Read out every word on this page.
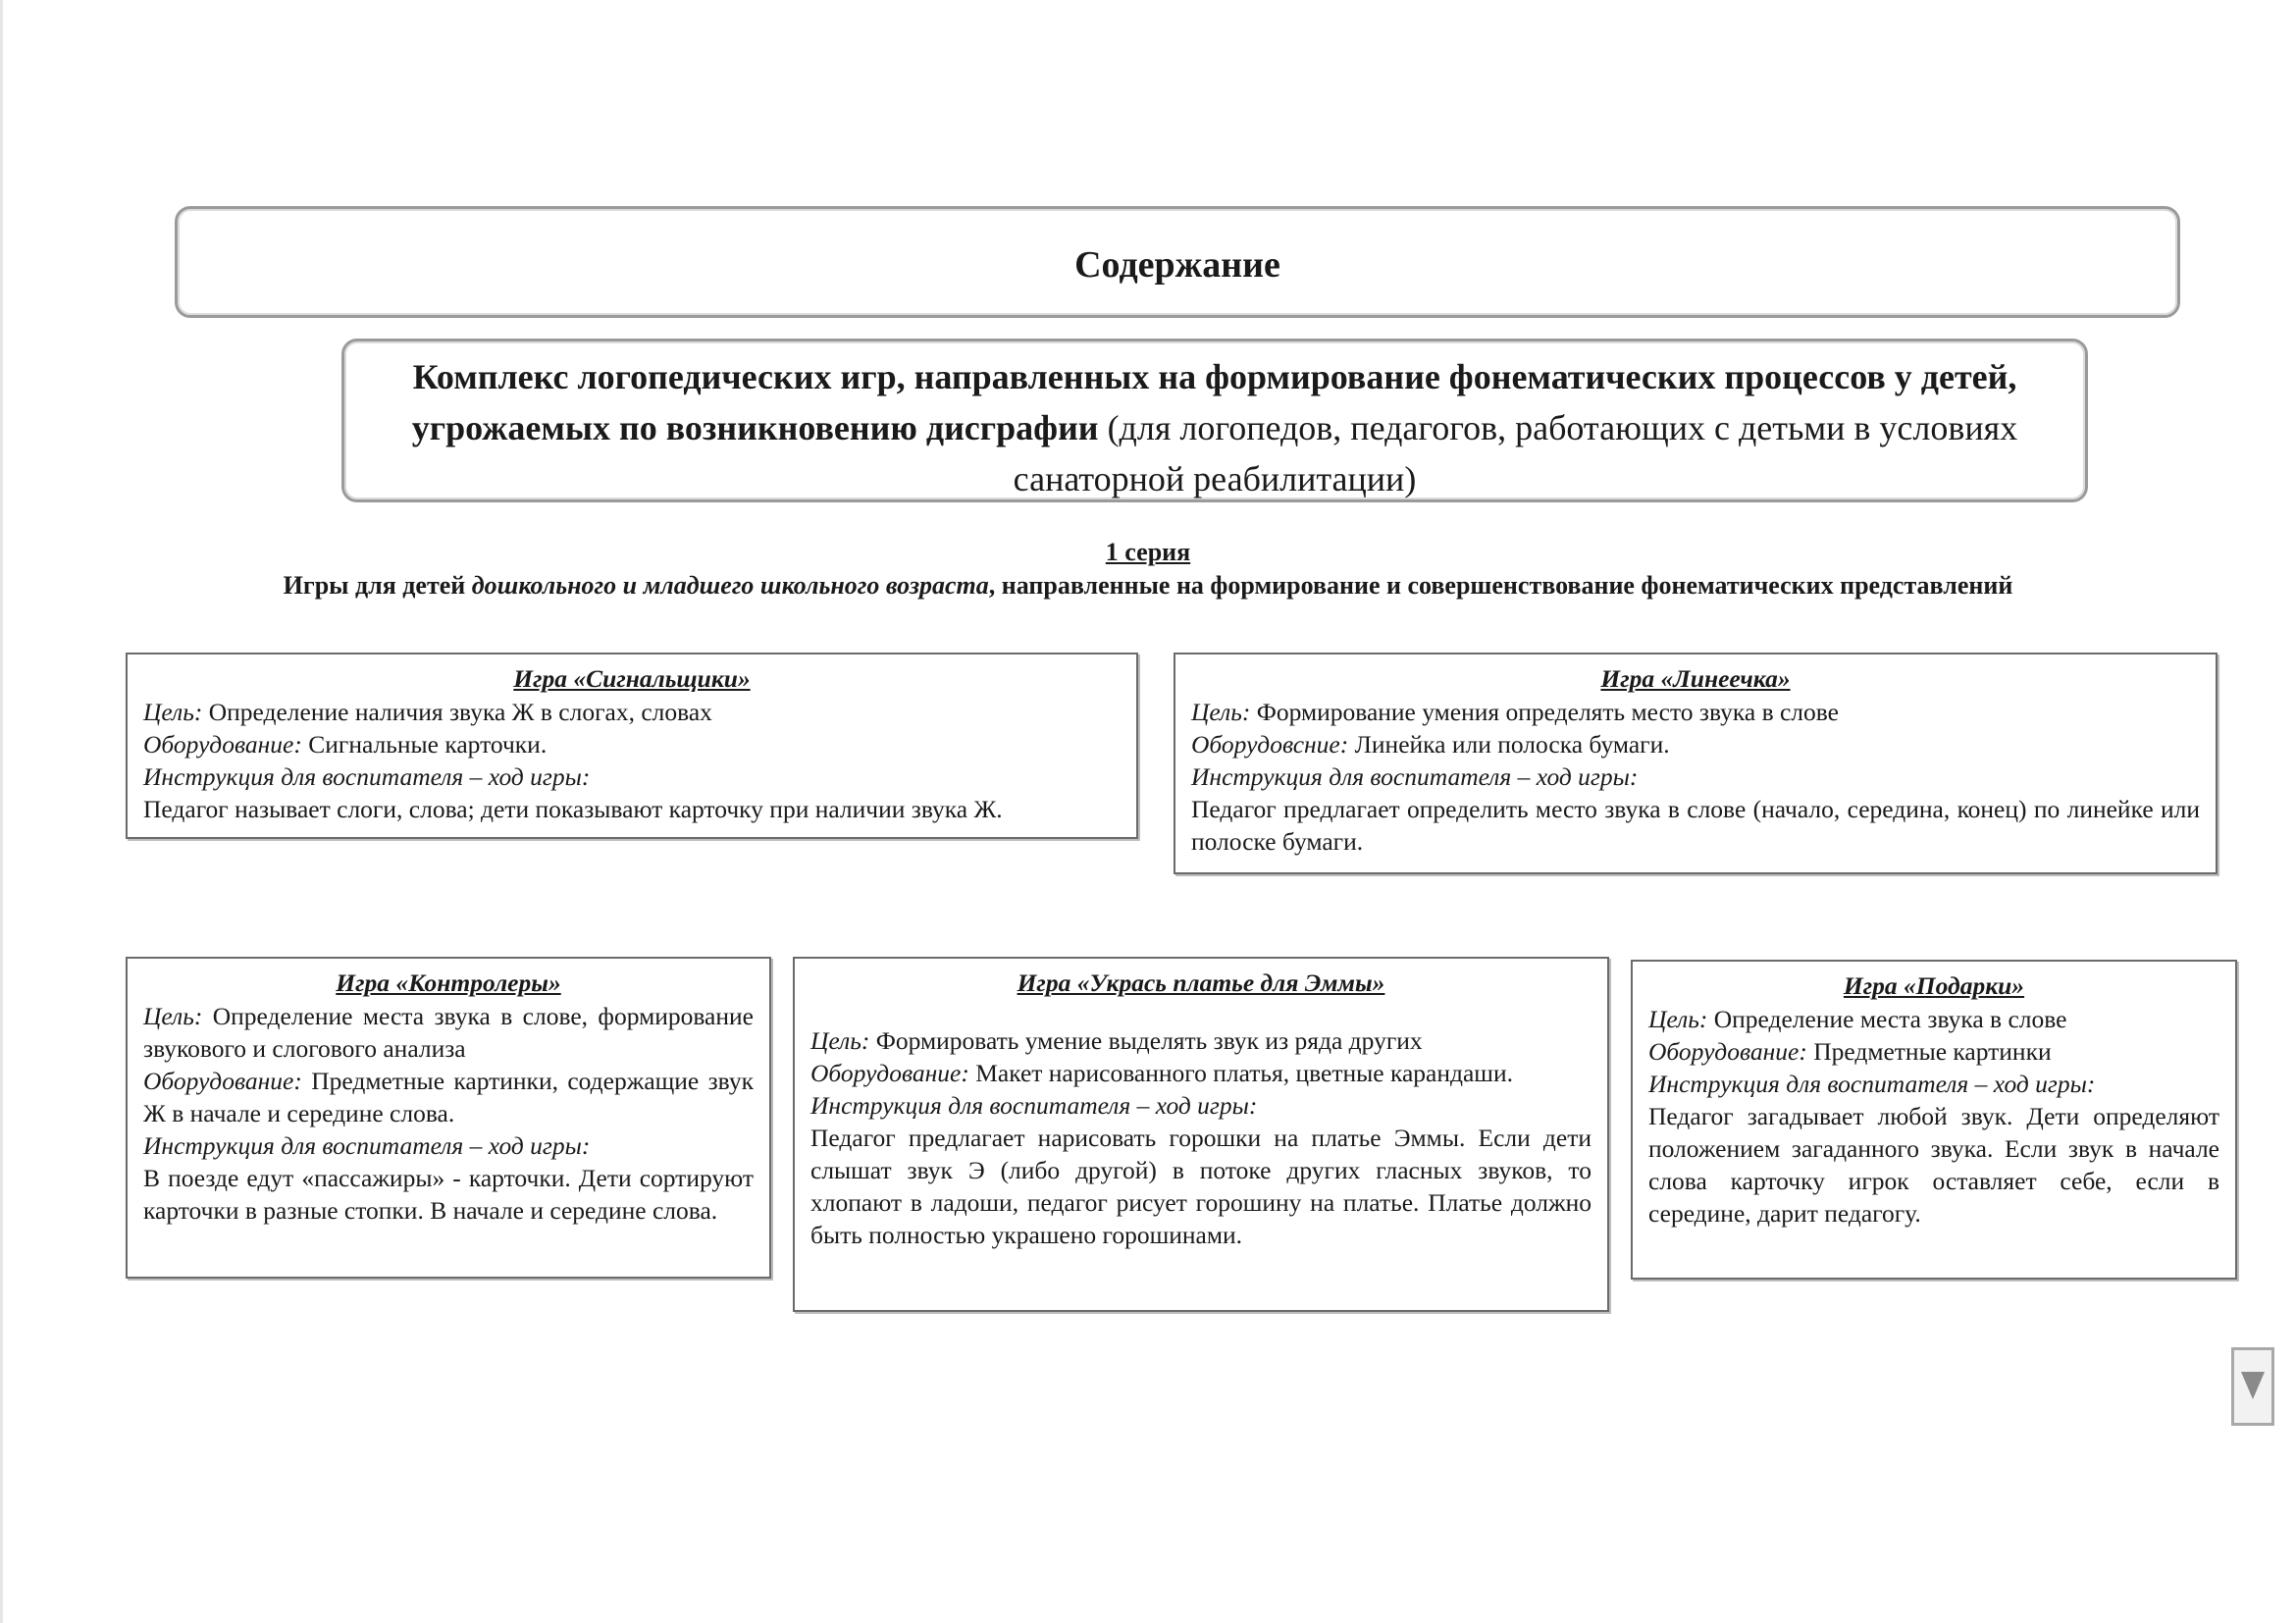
Содержание
Комплекс логопедических игр, направленных на формирование фонематических процессов у детей, угрожаемых по возникновению дисграфии (для логопедов, педагогов, работающих с детьми в условиях санаторной реабилитации)
1 серия
Игры для детей дошкольного и младшего школьного возраста, направленные на формирование и совершенствование фонематических представлений
Игра «Сигнальщики»

Цель: Определение наличия звука Ж в слогах, словах

Оборудование: Сигнальные карточки.

Инструкция для воспитателя – ход игры:

Педагог называет слоги, слова; дети показывают карточку при наличии звука Ж.

Игра «Линеечка»

Цель: Формирование умения определять место звука в слове

Оборудовсние: Линейка или полоска бумаги.

Инструкция для воспитателя – ход игры:

Педагог предлагает определить место звука в слове (начало, середина, конец) по линейке или полоске бумаги.

Игра «Контролеры»

Цель: Определение места звука в слове, формирование звукового и слогового анализа

Оборудование: Предметные картинки, содержащие звук Ж в начале и середине слова.

Инструкция для воспитателя – ход игры:

В поезде едут «пассажиры» - карточки. Дети сортируют карточки в разные стопки. В начале и середине слова.

Игра «Укрась платье для Эммы»

Цель: Формировать умение выделять звук из ряда других

Оборудование: Макет нарисованного платья, цветные карандаши.

Инструкция для воспитателя – ход игры:

Педагог предлагает нарисовать горошки на платье Эммы. Если дети слышат звук Э (либо другой) в потоке других гласных звуков, то хлопают в ладоши, педагог рисует горошину на платье. Платье должно быть полностью украшено горошинами.

Игра «Подарки»

Цель: Определение места звука в слове

Оборудование: Предметные картинки

Инструкция для воспитателя – ход игры:

Педагог загадывает любой звук. Дети определяют положением загаданного звука. Если звук в начале слова карточку игрок оставляет себе, если в середине, дарит педагогу.
